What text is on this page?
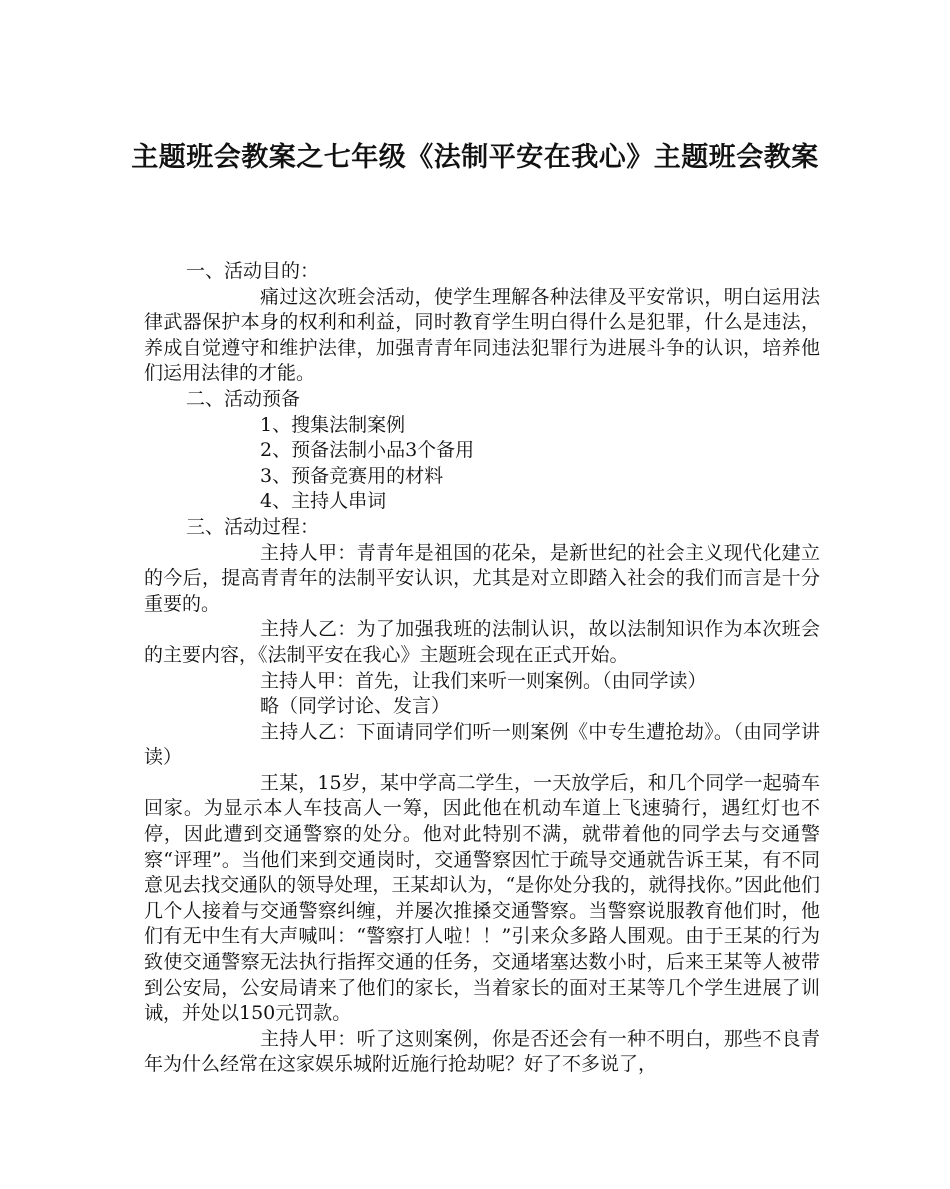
主题班会教案之七年级《法制平安在我心》主题班会教案

一、活动目的：

痛过这次班会活动，使学生理解各种法律及平安常识，明白运用法律武器保护本身的权利和利益，同时教育学生明白得什么是犯罪，什么是违法，养成自觉遵守和维护法律，加强青青年同违法犯罪行为进展斗争的认识，培养他们运用法律的才能。

二、活动预备

1、搜集法制案例

2、预备法制小品3个备用

3、预备竞赛用的材料

4、主持人串词

三、活动过程：

主持人甲：青青年是祖国的花朵，是新世纪的社会主义现代化建立的今后，提高青青年的法制平安认识，尤其是对立即踏入社会的我们而言是十分重要的。

主持人乙：为了加强我班的法制认识，故以法制知识作为本次班会的主要内容，《法制平安在我心》主题班会现在正式开始。

主持人甲：首先，让我们来听一则案例。（由同学读）

略（同学讨论、发言）

主持人乙：下面请同学们听一则案例《中专生遭抢劫》。（由同学讲读）

王某，15岁，某中学高二学生，一天放学后，和几个同学一起骑车回家。为显示本人车技高人一筹，因此他在机动车道上飞速骑行，遇红灯也不停，因此遭到交通警察的处分。他对此特别不满，就带着他的同学去与交通警察“评理”。当他们来到交通岗时，交通警察因忙于疏导交通就告诉王某，有不同意见去找交通队的领导处理，王某却认为，“是你处分我的，就得找你。”因此他们几个人接着与交通警察纠缠，并屡次推搡交通警察。当警察说服教育他们时，他们有无中生有大声喊叫：“警察打人啦！！”引来众多路人围观。由于王某的行为致使交通警察无法执行指挥交通的任务，交通堵塞达数小时，后来王某等人被带到公安局，公安局请来了他们的家长，当着家长的面对王某等几个学生进展了训诫，并处以150元罚款。

主持人甲：听了这则案例，你是否还会有一种不明白，那些不良青年为什么经常在这家娱乐城附近施行抢劫呢？好了不多说了，
